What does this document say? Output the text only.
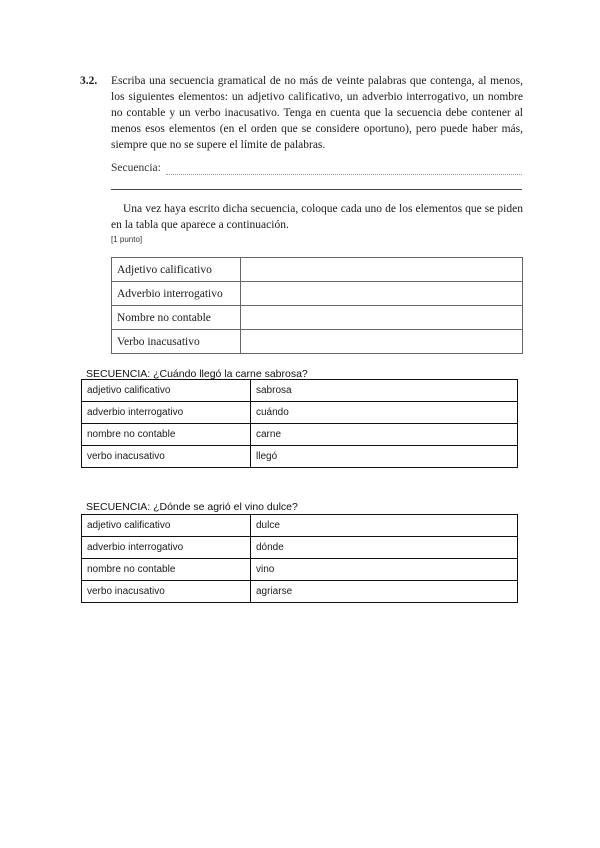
3.2. Escriba una secuencia gramatical de no más de veinte palabras que contenga, al menos, los siguientes elementos: un adjetivo calificativo, un adverbio interrogativo, un nombre no contable y un verbo inacusativo. Tenga en cuenta que la secuencia debe contener al menos esos elementos (en el orden que se considere oportuno), pero puede haber más, siempre que no se supere el límite de palabras.

Secuencia:

Una vez haya escrito dicha secuencia, coloque cada uno de los elementos que se piden en la tabla que aparece a continuación.

[1 punto]
Adjetivo calificativo	
Adverbio interrogativo	
Nombre no contable	
Verbo inacusativo	
SECUENCIA: ¿Cuándo llegó la carne sabrosa?
adjetivo calificativo	sabrosa
adverbio interrogativo	cuándo
nombre no contable	carne
verbo inacusativo	llegó
SECUENCIA: ¿Dónde se agrió el vino dulce?
adjetivo calificativo	dulce
adverbio interrogativo	dónde
nombre no contable	vino
verbo inacusativo	agriarse
